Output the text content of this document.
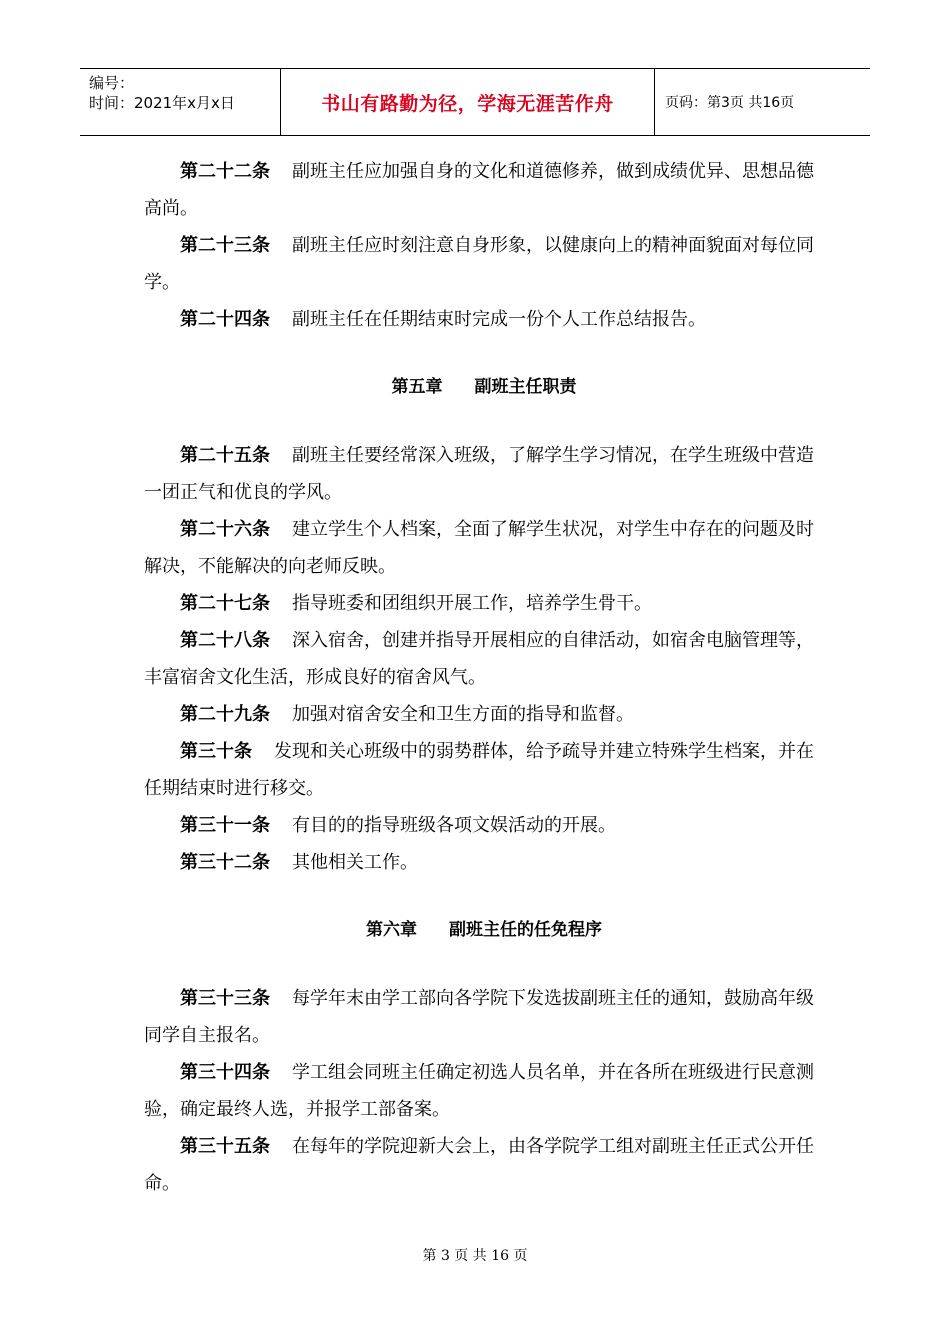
编号：
时间：2021年x月x日	书山有路勤为径，学海无涯苦作舟	页码：第3页 共16页

第二十二条 副班主任应加强自身的文化和道德修养，做到成绩优异、思想品德高尚。

第二十三条 副班主任应时刻注意自身形象，以健康向上的精神面貌面对每位同学。

第二十四条 副班主任在任期结束时完成一份个人工作总结报告。

第五章 副班主任职责

第二十五条 副班主任要经常深入班级，了解学生学习情况，在学生班级中营造一团正气和优良的学风。

第二十六条 建立学生个人档案，全面了解学生状况，对学生中存在的问题及时解决，不能解决的向老师反映。

第二十七条 指导班委和团组织开展工作，培养学生骨干。

第二十八条 深入宿舍，创建并指导开展相应的自律活动，如宿舍电脑管理等，丰富宿舍文化生活，形成良好的宿舍风气。

第二十九条 加强对宿舍安全和卫生方面的指导和监督。

第三十条 发现和关心班级中的弱势群体，给予疏导并建立特殊学生档案，并在任期结束时进行移交。

第三十一条 有目的的指导班级各项文娱活动的开展。

第三十二条 其他相关工作。

第六章 副班主任的任免程序

第三十三条 每学年末由学工部向各学院下发选拔副班主任的通知，鼓励高年级同学自主报名。

第三十四条 学工组会同班主任确定初选人员名单，并在各所在班级进行民意测验，确定最终人选，并报学工部备案。

第三十五条 在每年的学院迎新大会上，由各学院学工组对副班主任正式公开任命。

第 3 页 共 16 页
